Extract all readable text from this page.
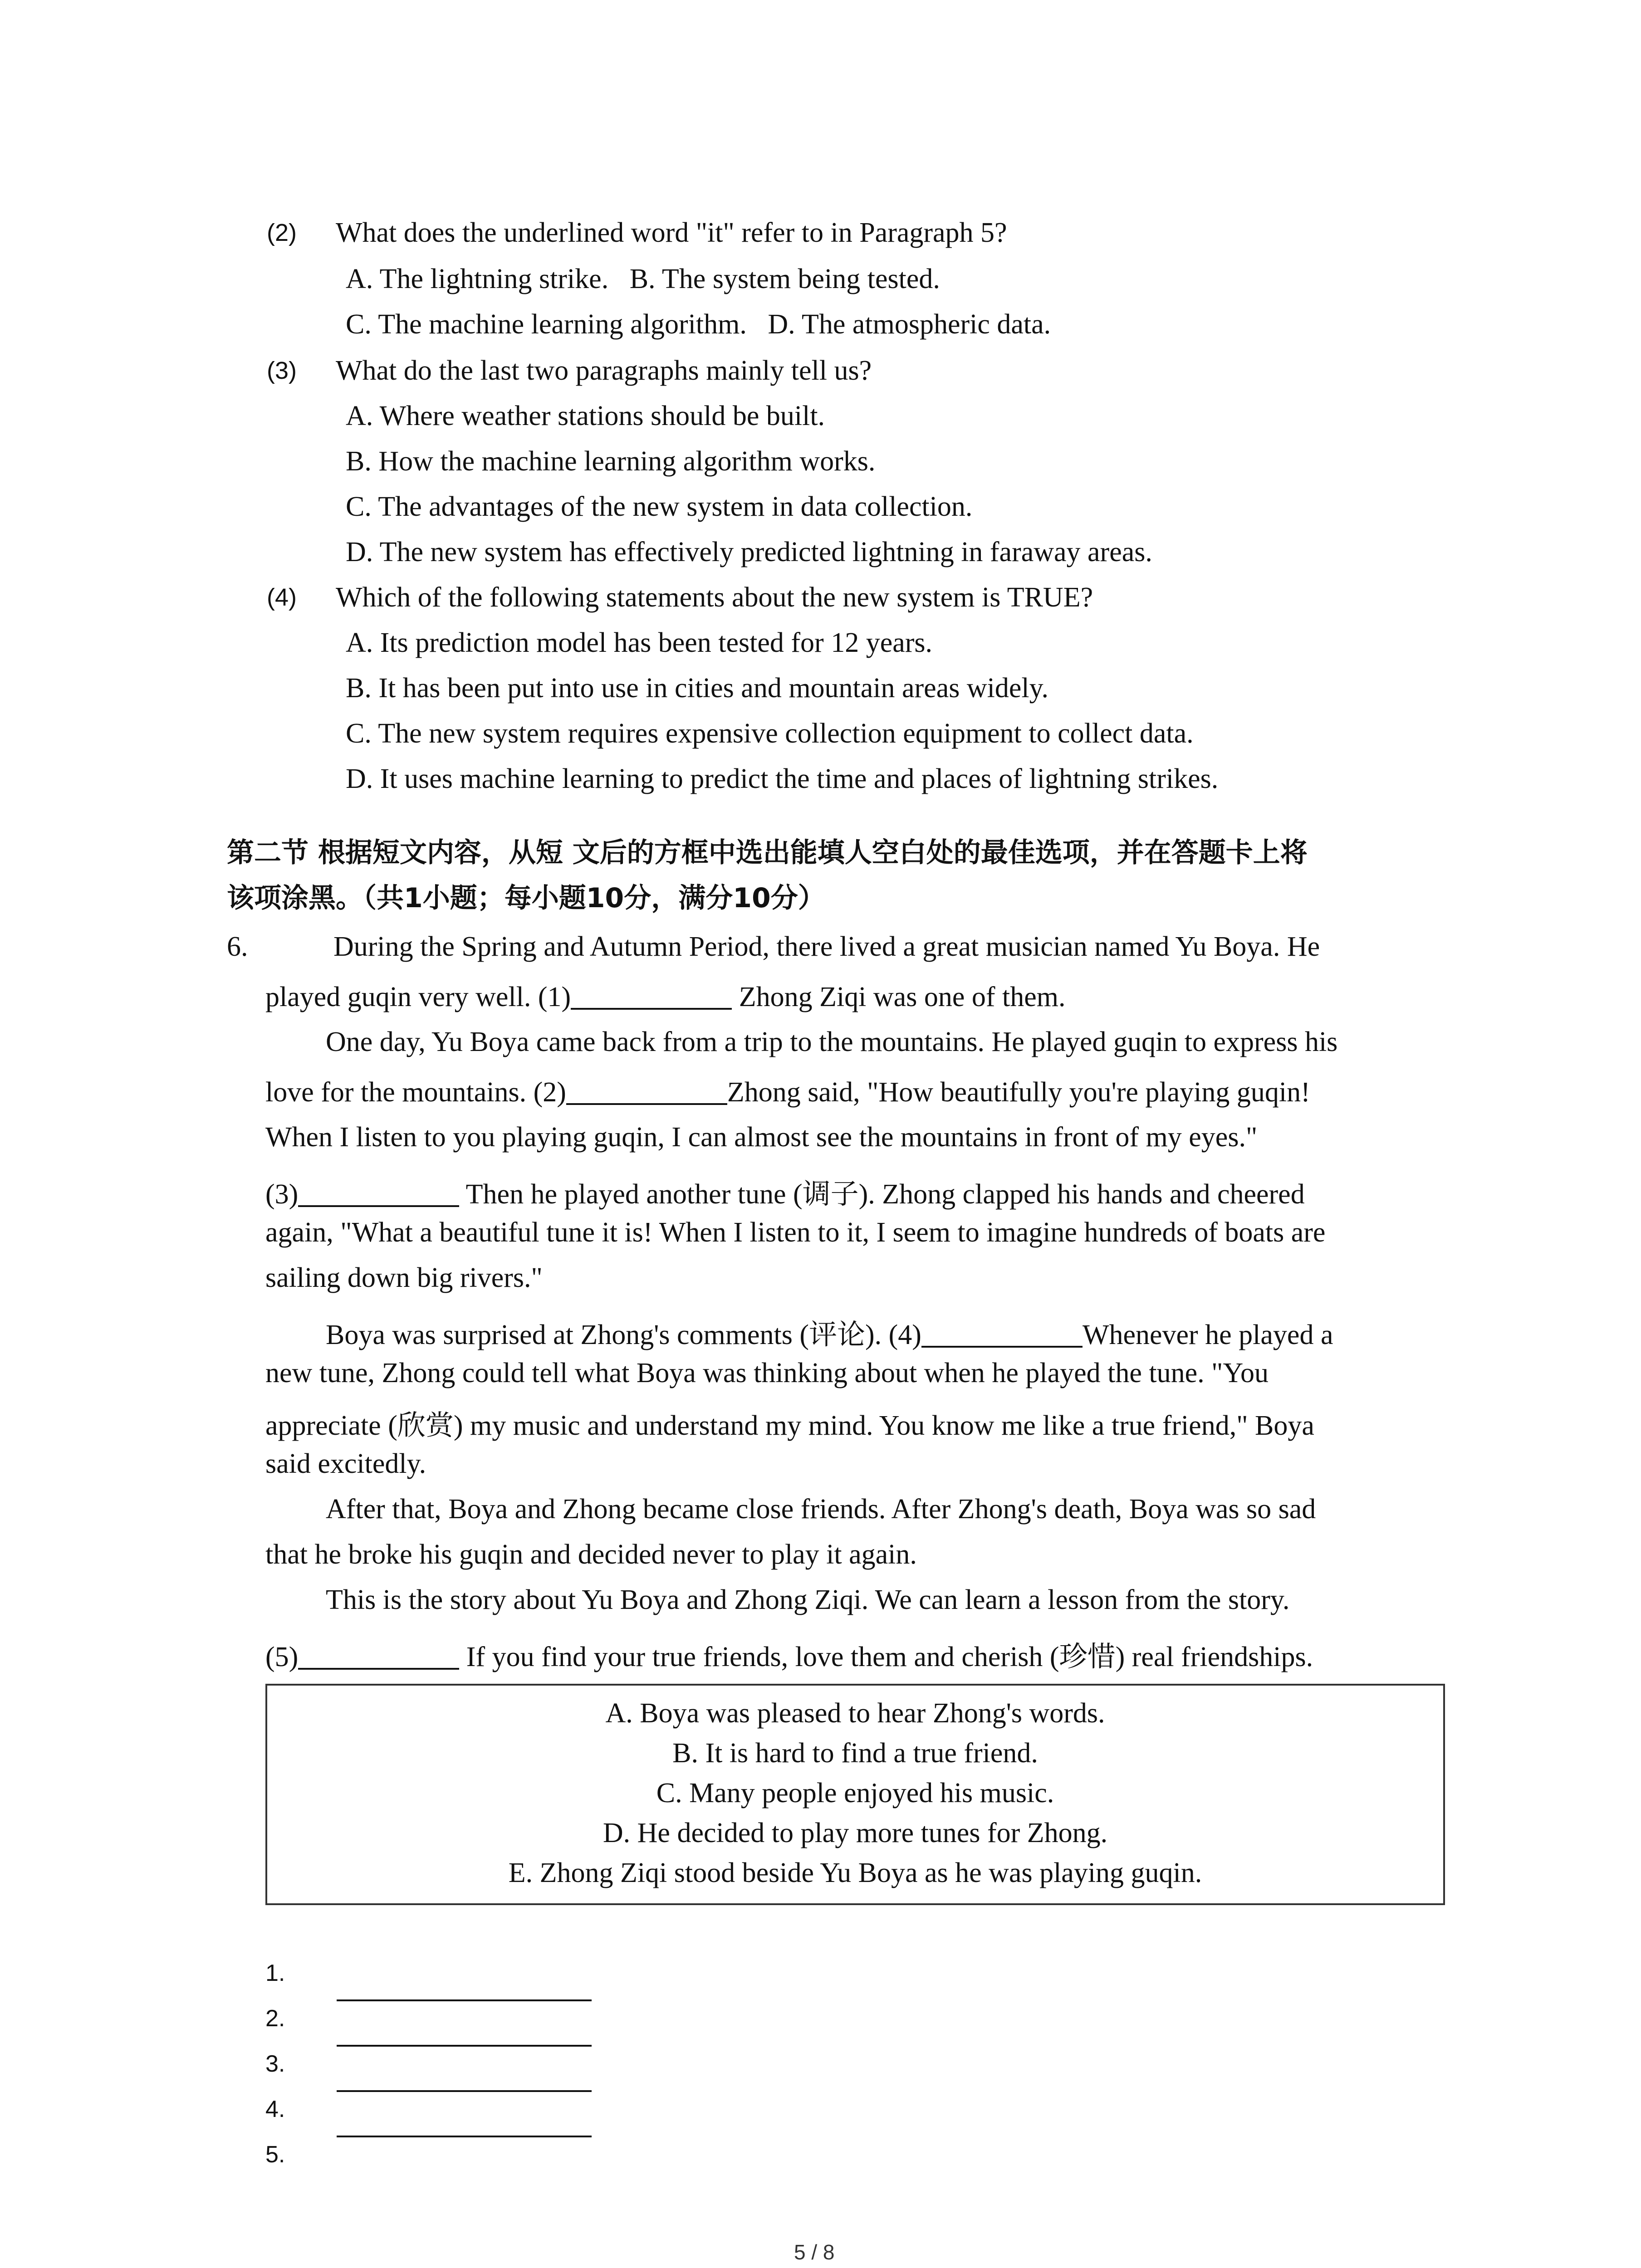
(2) What does the underlined word "it" refer to in Paragraph 5?
A. The lightning strike.   B. The system being tested.
C. The machine learning algorithm.   D. The atmospheric data.
(3) What do the last two paragraphs mainly tell us?
A. Where weather stations should be built.
B. How the machine learning algorithm works.
C. The advantages of the new system in data collection.
D. The new system has effectively predicted lightning in faraway areas.
(4) Which of the following statements about the new system is TRUE?
A. Its prediction model has been tested for 12 years.
B. It has been put into use in cities and mountain areas widely.
C. The new system requires expensive collection equipment to collect data.
D. It uses machine learning to predict the time and places of lightning strikes.
第二节 根据短文内容，从短 文后的方框中选出能填人空白处的最佳选项，并在答题卡上将
该项涂黑。（共1小题；每小题10分，满分10分）
6.	During the Spring and Autumn Period, there lived a great musician named Yu Boya. He
played guqin very well. (1)	Zhong Ziqi was one of them.
One day, Yu Boya came back from a trip to the mountains. He played guqin to express his
love for the mountains. (2)	Zhong said, "How beautifully you're playing guqin!
When I listen to you playing guqin, I can almost see the mountains in front of my eyes."
(3)	Then he played another tune (调子). Zhong clapped his hands and cheered
again, "What a beautiful tune it is! When I listen to it, I seem to imagine hundreds of boats are
sailing down big rivers."
Boya was surprised at Zhong's comments (评论). (4)	Whenever he played a
new tune, Zhong could tell what Boya was thinking about when he played the tune. "You
appreciate (欣赏) my music and understand my mind. You know me like a true friend," Boya
said excitedly.
After that, Boya and Zhong became close friends. After Zhong's death, Boya was so sad
that he broke his guqin and decided never to play it again.
This is the story about Yu Boya and Zhong Ziqi. We can learn a lesson from the story.
(5)	If you find your true friends, love them and cherish (珍惜) real friendships.
A. Boya was pleased to hear Zhong's words.
B. It is hard to find a true friend.
C. Many people enjoyed his music.
D. He decided to play more tunes for Zhong.
E. Zhong Ziqi stood beside Yu Boya as he was playing guqin.
1.
2.
3.
4.
5.
5 / 8
